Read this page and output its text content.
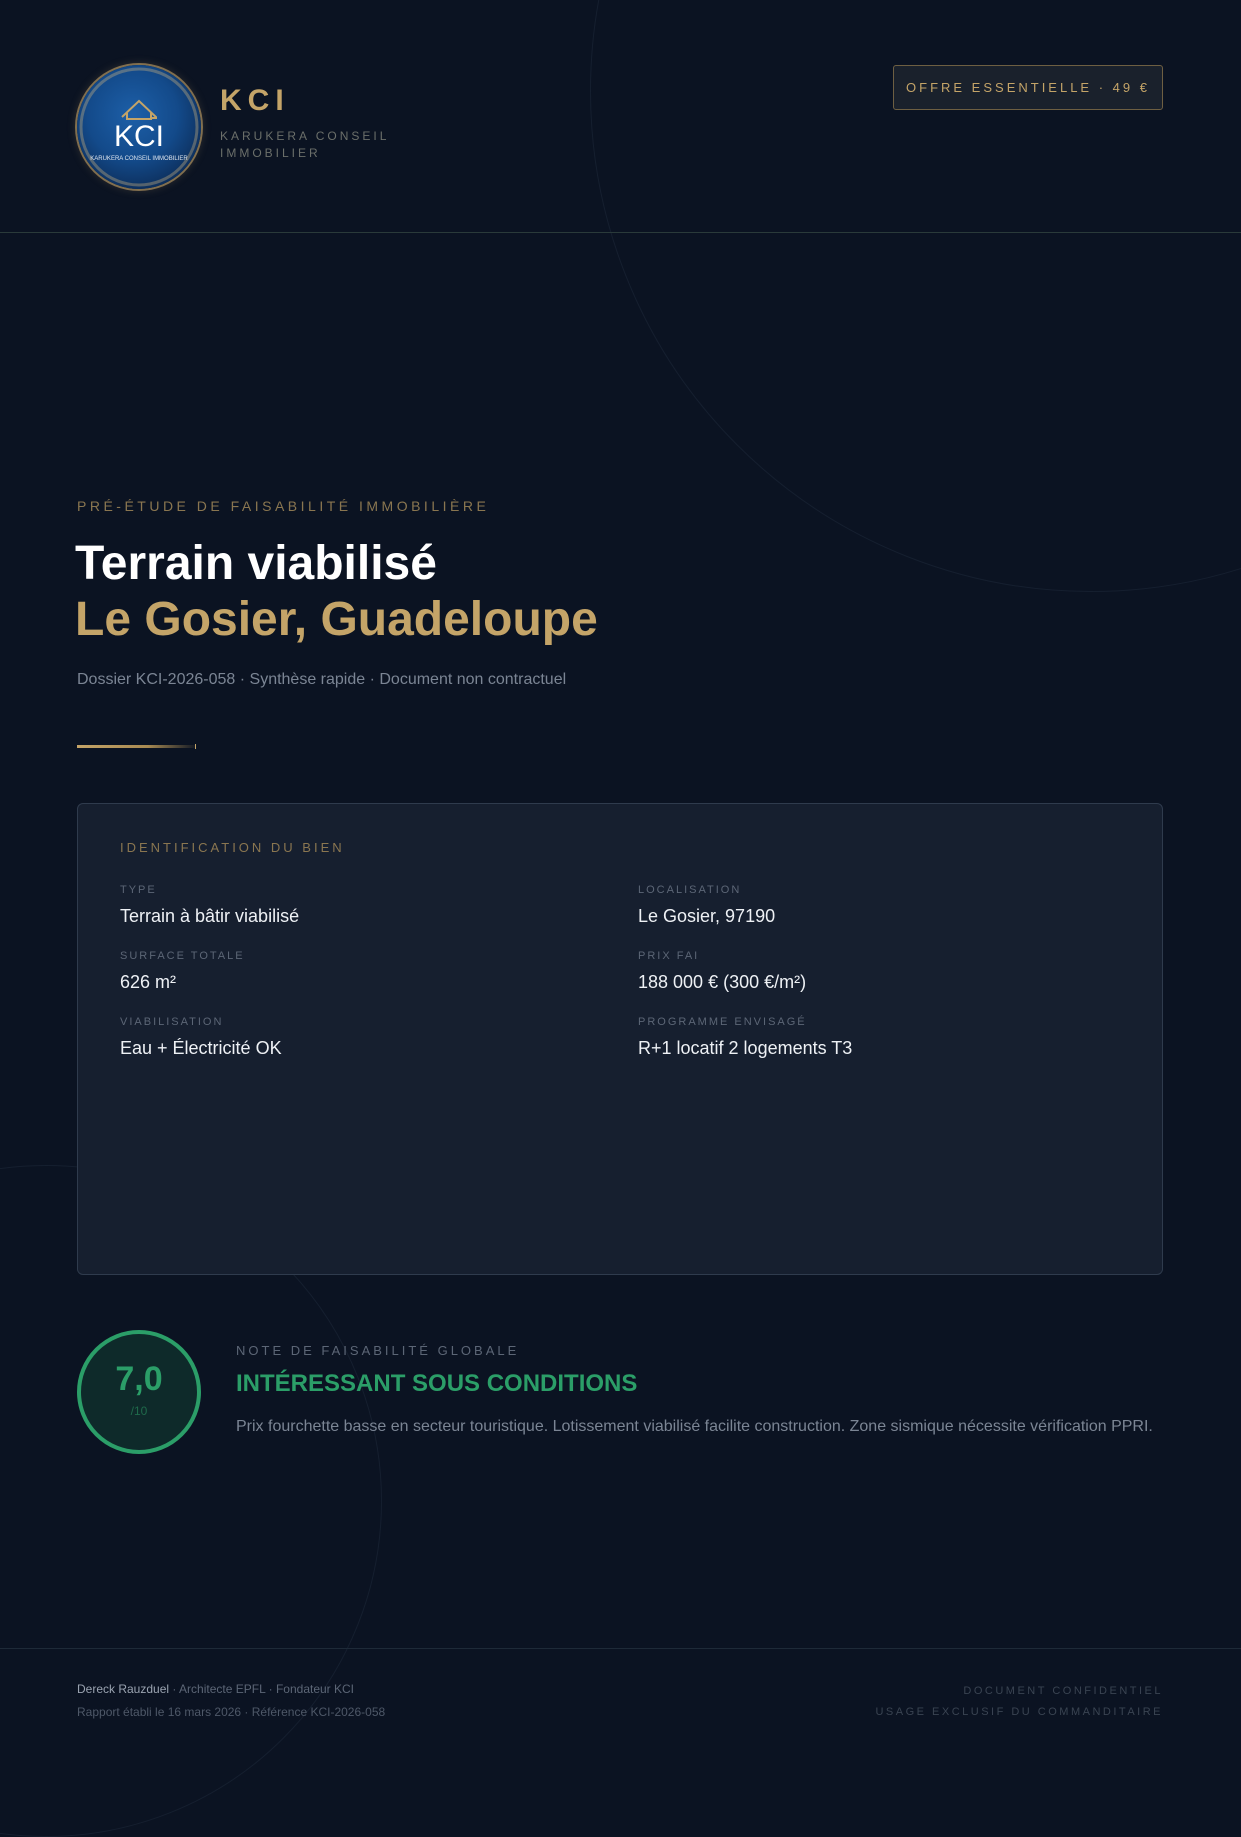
KCI
KARUKERA CONSEIL IMMOBILIER
KCI
KARUKERA CONSEIL IMMOBILIER
OFFRE ESSENTIELLE · 49 €
PRÉ-ÉTUDE DE FAISABILITÉ IMMOBILIÈRE
Terrain viabilisé
Le Gosier, Guadeloupe
Dossier KCI-2026-058 · Synthèse rapide · Document non contractuel
IDENTIFICATION DU BIEN
TYPE
Terrain à bâtir viabilisé
LOCALISATION
Le Gosier, 97190
SURFACE TOTALE
626 m²
PRIX FAI
188 000 € (300 €/m²)
VIABILISATION
Eau + Électricité OK
PROGRAMME ENVISAGÉ
R+1 locatif 2 logements T3
7,0
/10
NOTE DE FAISABILITÉ GLOBALE
INTÉRESSANT SOUS CONDITIONS
Prix fourchette basse en secteur touristique. Lotissement viabilisé facilite construction. Zone sismique nécessite vérification PPRI.
Dereck Rauzduel · Architecte EPFL · Fondateur KCI
Rapport établi le 16 mars 2026 · Référence KCI-2026-058
DOCUMENT CONFIDENTIEL
USAGE EXCLUSIF DU COMMANDITAIRE
